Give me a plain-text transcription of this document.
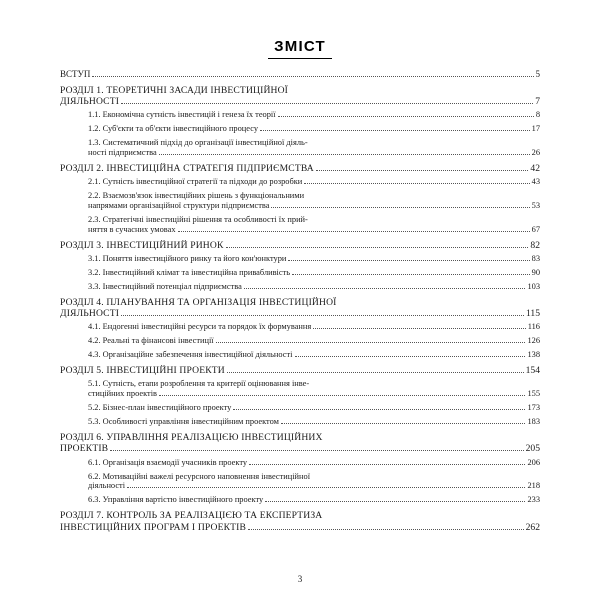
ЗМІСТ
ВСТУП	5
РОЗДІЛ 1. ТЕОРЕТИЧНІ ЗАСАДИ ІНВЕСТИЦІЙНОЇ
ДІЯЛЬНОСТІ	7
1.1. Економічна сутність інвестицій і генеза їх теорії	8
1.2. Суб'єкти та об'єкти інвестиційного процесу	17
1.3. Систематичний підхід до організації інвестиційної діяль-
ності підприємства	26
РОЗДІЛ 2. ІНВЕСТИЦІЙНА СТРАТЕГІЯ ПІДПРИЄМСТВА	42
2.1. Сутність інвестиційної стратегії та підходи до розробки	43
2.2. Взаємозв'язок інвестиційних рішень з функціональними
напрямами організаційної структури підприємства	53
2.3. Стратегічні інвестиційні рішення та особливості їх прий-
няття в сучасних умовах	67
РОЗДІЛ 3. ІНВЕСТИЦІЙНИЙ РИНОК	82
3.1. Поняття інвестиційного ринку та його кон'юнктури	83
3.2. Інвестиційний клімат та інвестиційна привабливість	90
3.3. Інвестиційний потенціал підприємства	103
РОЗДІЛ 4. ПЛАНУВАННЯ ТА ОРГАНІЗАЦІЯ ІНВЕСТИЦІЙНОЇ
ДІЯЛЬНОСТІ	115
4.1. Ендогенні інвестиційні ресурси та порядок їх формування	116
4.2. Реальні та фінансові інвестиції	126
4.3. Організаційне забезпечення інвестиційної діяльності	138
РОЗДІЛ 5. ІНВЕСТИЦІЙНІ ПРОЕКТИ	154
5.1. Сутність, етапи розроблення та критерії оцінювання інве-
стиційних проектів	155
5.2. Бізнес-план інвестиційного проекту	173
5.3. Особливості управління інвестиційним проектом	183
РОЗДІЛ 6. УПРАВЛІННЯ РЕАЛІЗАЦІЄЮ ІНВЕСТИЦІЙНИХ
ПРОЕКТІВ	205
6.1. Організація взаємодії учасників проекту	206
6.2. Мотиваційні важелі ресурсного наповнення інвестиційної
діяльності	218
6.3. Управління вартістю інвестиційного проекту	233
РОЗДІЛ 7. КОНТРОЛЬ ЗА РЕАЛІЗАЦІЄЮ ТА ЕКСПЕРТИЗА
ІНВЕСТИЦІЙНИХ ПРОГРАМ І ПРОЕКТІВ	262
3
